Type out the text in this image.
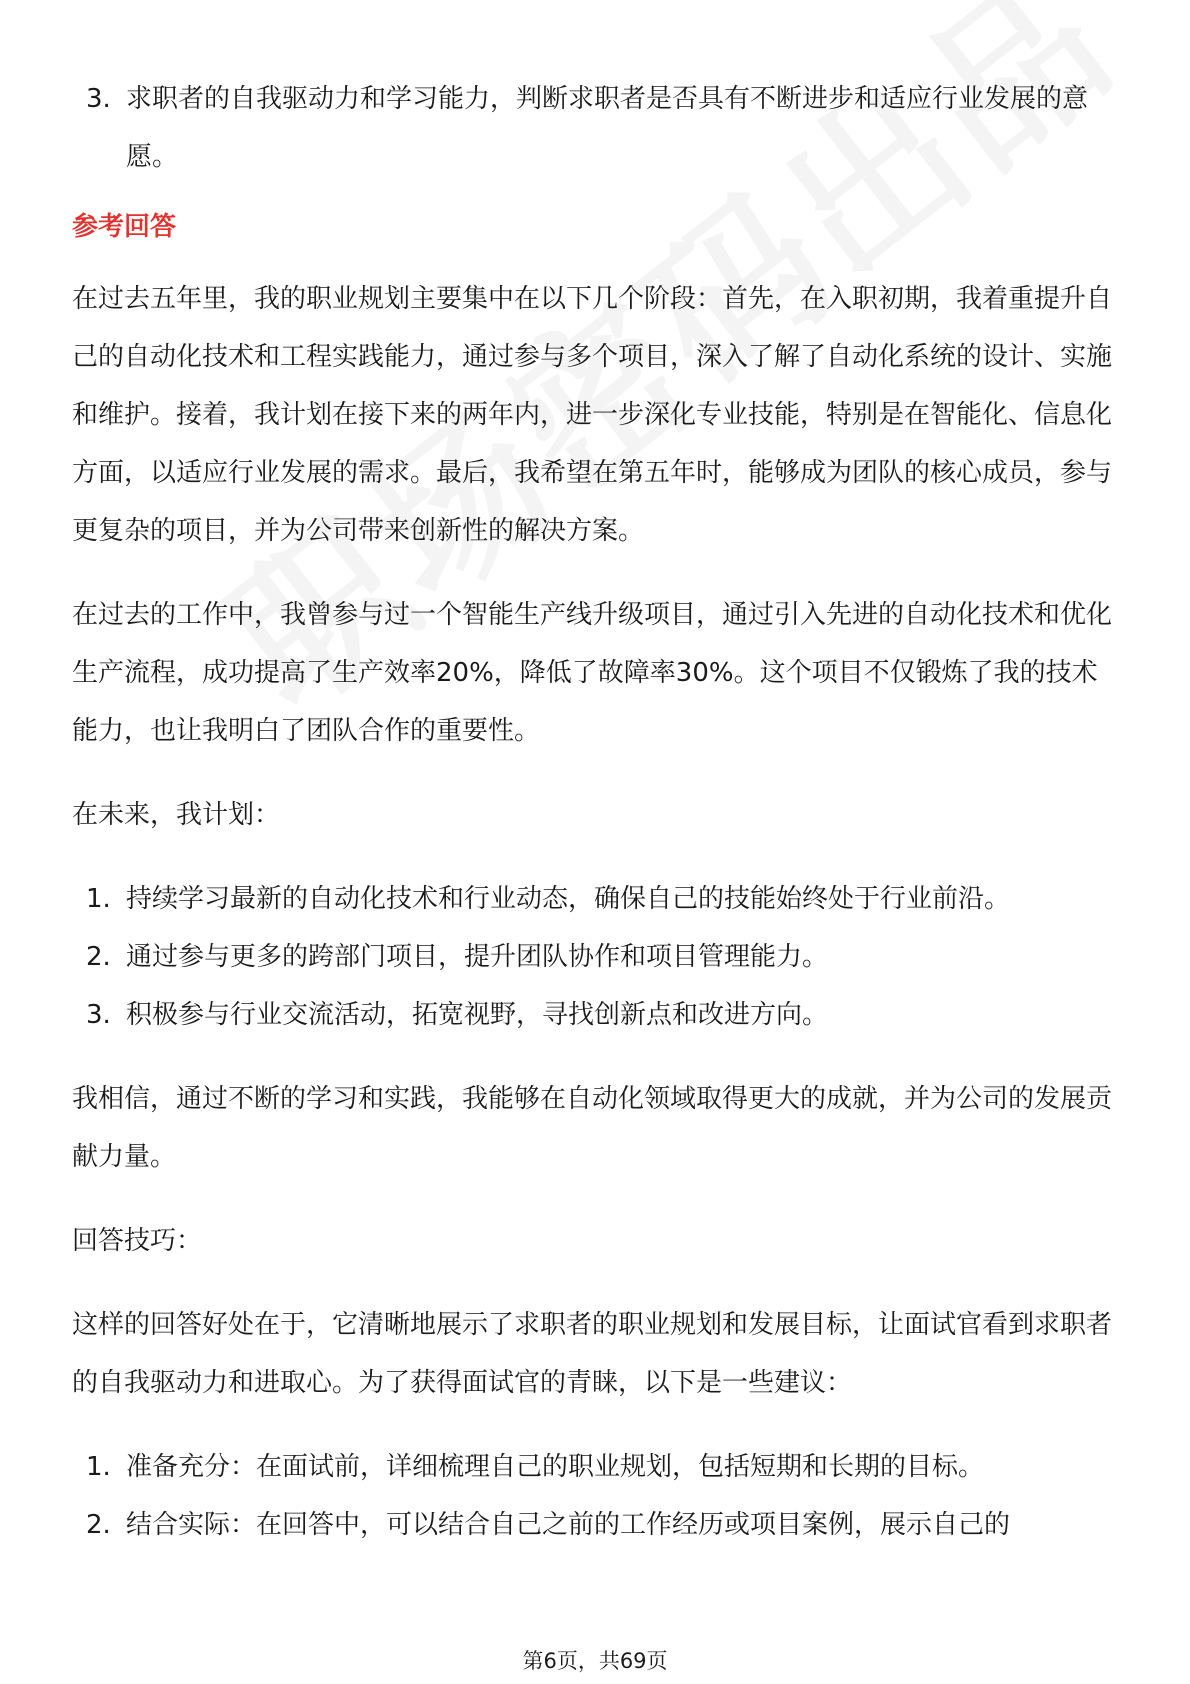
3. 求职者的自我驱动力和学习能力，判断求职者是否具有不断进步和适应行业发展的意愿。
参考回答
在过去五年里，我的职业规划主要集中在以下几个阶段：首先，在入职初期，我着重提升自己的自动化技术和工程实践能力，通过参与多个项目，深入了解了自动化系统的设计、实施和维护。接着，我计划在接下来的两年内，进一步深化专业技能，特别是在智能化、信息化方面，以适应行业发展的需求。最后，我希望在第五年时，能够成为团队的核心成员，参与更复杂的项目，并为公司带来创新性的解决方案。
在过去的工作中，我曾参与过一个智能生产线升级项目，通过引入先进的自动化技术和优化生产流程，成功提高了生产效率20%，降低了故障率30%。这个项目不仅锻炼了我的技术能力，也让我明白了团队合作的重要性。
在未来，我计划：
1. 持续学习最新的自动化技术和行业动态，确保自己的技能始终处于行业前沿。
2. 通过参与更多的跨部门项目，提升团队协作和项目管理能力。
3. 积极参与行业交流活动，拓宽视野，寻找创新点和改进方向。
我相信，通过不断的学习和实践，我能够在自动化领域取得更大的成就，并为公司的发展贡献力量。
回答技巧：
这样的回答好处在于，它清晰地展示了求职者的职业规划和发展目标，让面试官看到求职者的自我驱动力和进取心。为了获得面试官的青睐，以下是一些建议：
1. 准备充分：在面试前，详细梳理自己的职业规划，包括短期和长期的目标。
2. 结合实际：在回答中，可以结合自己之前的工作经历或项目案例，展示自己的
第6页，共69页
